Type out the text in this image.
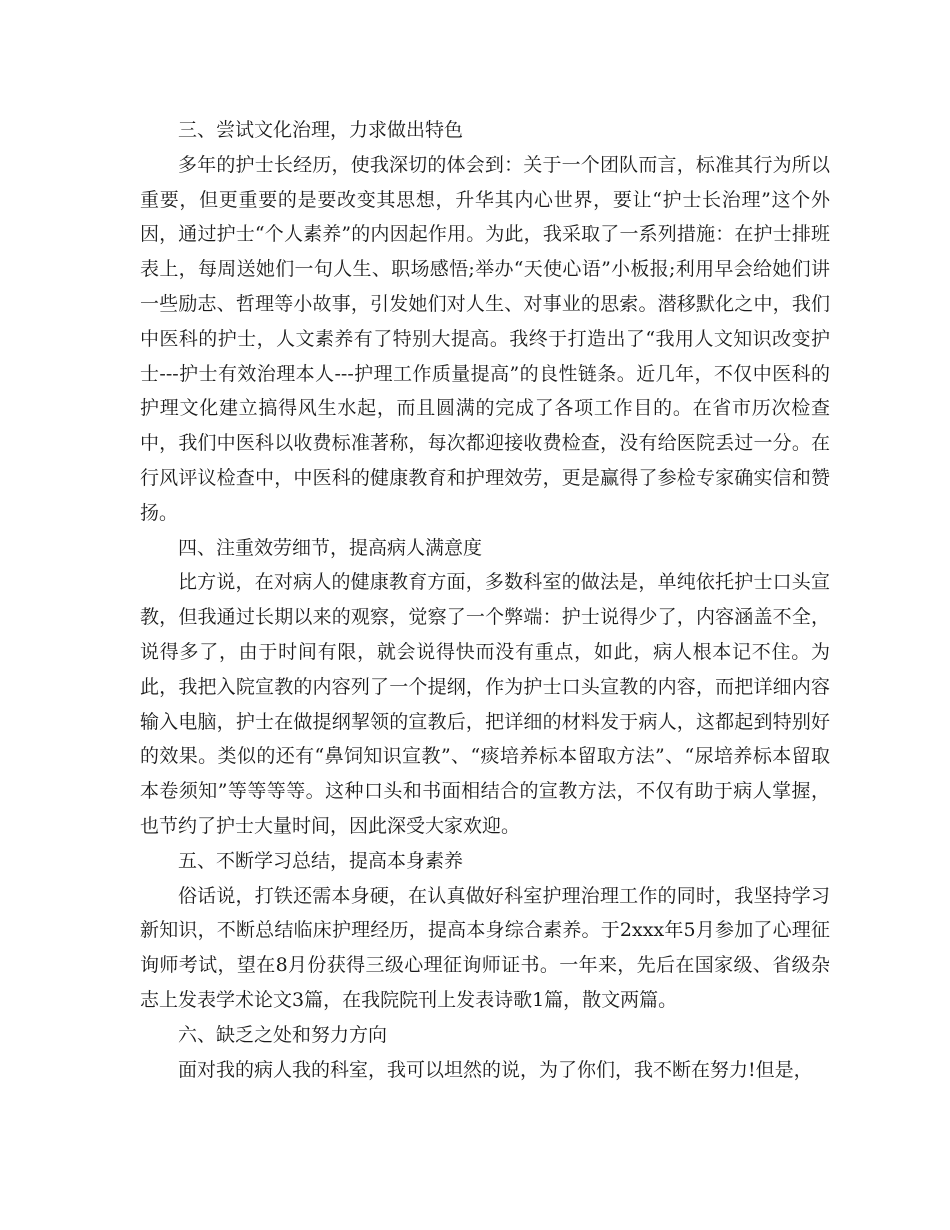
三、尝试文化治理，力求做出特色

多年的护士长经历，使我深切的体会到：关于一个团队而言，标准其行为所以重要，但更重要的是要改变其思想，升华其内心世界，要让“护士长治理”这个外因，通过护士“个人素养”的内因起作用。为此，我采取了一系列措施：在护士排班表上，每周送她们一句人生、职场感悟;举办“天使心语”小板报;利用早会给她们讲一些励志、哲理等小故事，引发她们对人生、对事业的思索。潜移默化之中，我们中医科的护士，人文素养有了特别大提高。我终于打造出了“我用人文知识改变护士---护士有效治理本人---护理工作质量提高”的良性链条。近几年，不仅中医科的护理文化建立搞得风生水起，而且圆满的完成了各项工作目的。在省市历次检查中，我们中医科以收费标准著称，每次都迎接收费检查，没有给医院丢过一分。在行风评议检查中，中医科的健康教育和护理效劳，更是赢得了参检专家确实信和赞扬。

四、注重效劳细节，提高病人满意度

比方说，在对病人的健康教育方面，多数科室的做法是，单纯依托护士口头宣教，但我通过长期以来的观察，觉察了一个弊端：护士说得少了，内容涵盖不全，说得多了，由于时间有限，就会说得快而没有重点，如此，病人根本记不住。为此，我把入院宣教的内容列了一个提纲，作为护士口头宣教的内容，而把详细内容输入电脑，护士在做提纲挈领的宣教后，把详细的材料发于病人，这都起到特别好的效果。类似的还有“鼻饲知识宣教”、“痰培养标本留取方法”、“尿培养标本留取本卷须知”等等等等。这种口头和书面相结合的宣教方法，不仅有助于病人掌握，也节约了护士大量时间，因此深受大家欢迎。

五、不断学习总结，提高本身素养

俗话说，打铁还需本身硬，在认真做好科室护理治理工作的同时，我坚持学习新知识，不断总结临床护理经历，提高本身综合素养。于2xxx年5月参加了心理征询师考试，望在8月份获得三级心理征询师证书。一年来，先后在国家级、省级杂志上发表学术论文3篇，在我院院刊上发表诗歌1篇，散文两篇。

六、缺乏之处和努力方向

面对我的病人我的科室，我可以坦然的说，为了你们，我不断在努力!但是，
